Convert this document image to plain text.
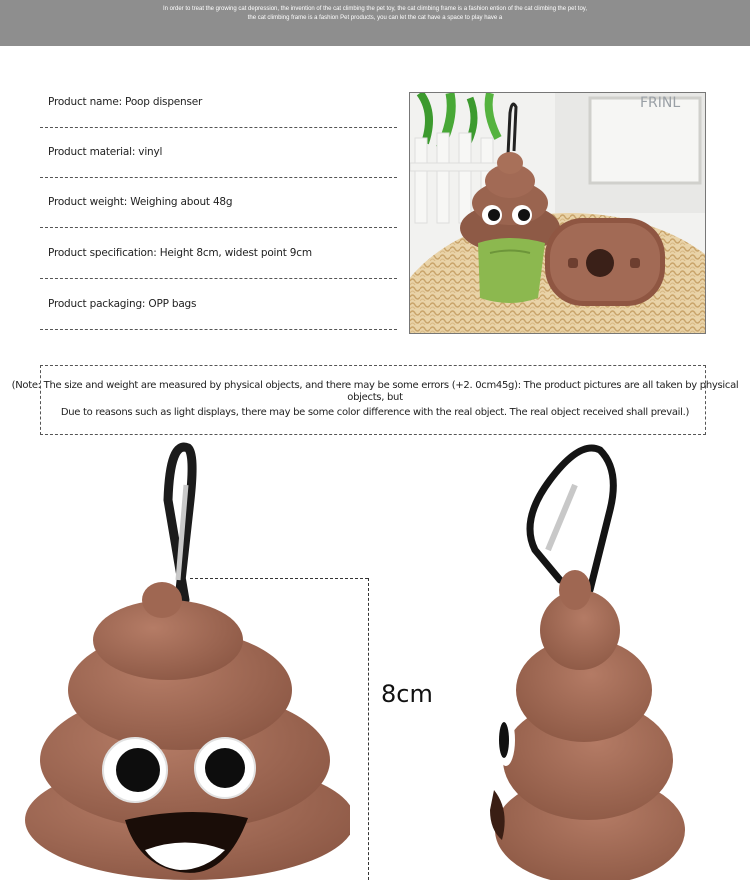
In order to treat the growing cat depression, the invention of the cat climbing the pet toy, the cat climbing frame is a fashion ention of the cat climbing the pet toy,
the cat climbing frame is a fashion Pet products, you can let the cat have a space to play have a
Product name: Poop dispenser
Product material: vinyl
Product weight: Weighing about 48g
Product specification: Height 8cm, widest point 9cm
Product packaging: OPP bags
FRINL
(Note: The size and weight are measured by physical objects, and there may be some errors (+2. 0cm45g): The product pictures are all taken by physical objects, but
Due to reasons such as light displays, there may be some color difference with the real object. The real object received shall prevail.)
8cm
